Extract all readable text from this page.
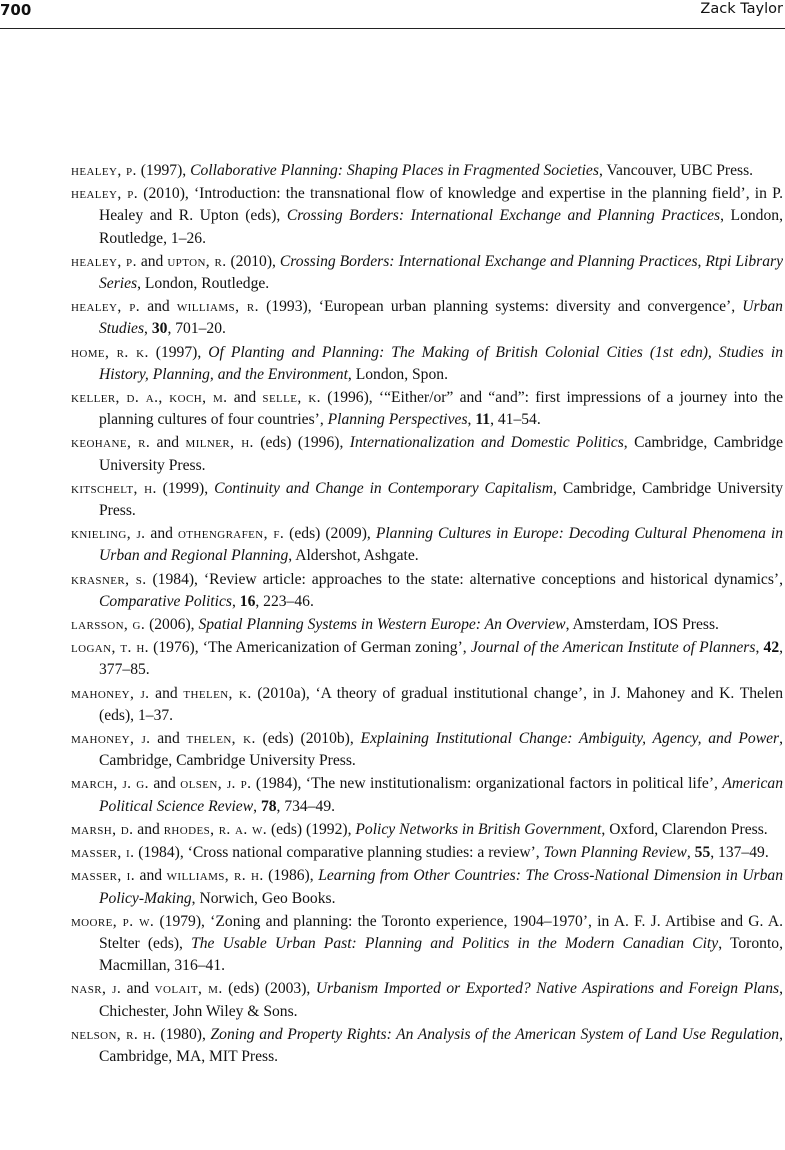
700	Zack Taylor
healey, p. (1997), Collaborative Planning: Shaping Places in Fragmented Societies, Vancouver, UBC Press.
healey, p. (2010), ‘Introduction: the transnational flow of knowledge and expertise in the planning field’, in P. Healey and R. Upton (eds), Crossing Borders: International Exchange and Planning Practices, London, Routledge, 1–26.
healey, p. and upton, r. (2010), Crossing Borders: International Exchange and Planning Practices, Rtpi Library Series, London, Routledge.
healey, p. and williams, r. (1993), ‘European urban planning systems: diversity and convergence’, Urban Studies, 30, 701–20.
home, r. k. (1997), Of Planting and Planning: The Making of British Colonial Cities (1st edn), Studies in History, Planning, and the Environment, London, Spon.
keller, d. a., koch, m. and selle, k. (1996), ‘“Either/or” and “and”: first impressions of a journey into the planning cultures of four countries’, Planning Perspectives, 11, 41–54.
keohane, r. and milner, h. (eds) (1996), Internationalization and Domestic Politics, Cambridge, Cambridge University Press.
kitschelt, h. (1999), Continuity and Change in Contemporary Capitalism, Cambridge, Cambridge University Press.
knieling, j. and othengrafen, f. (eds) (2009), Planning Cultures in Europe: Decoding Cultural Phenomena in Urban and Regional Planning, Aldershot, Ashgate.
krasner, s. (1984), ‘Review article: approaches to the state: alternative conceptions and historical dynamics’, Comparative Politics, 16, 223–46.
larsson, g. (2006), Spatial Planning Systems in Western Europe: An Overview, Amsterdam, IOS Press.
logan, t. h. (1976), ‘The Americanization of German zoning’, Journal of the American Institute of Planners, 42, 377–85.
mahoney, j. and thelen, k. (2010a), ‘A theory of gradual institutional change’, in J. Mahoney and K. Thelen (eds), 1–37.
mahoney, j. and thelen, k. (eds) (2010b), Explaining Institutional Change: Ambiguity, Agency, and Power, Cambridge, Cambridge University Press.
march, j. g. and olsen, j. p. (1984), ‘The new institutionalism: organizational factors in political life’, American Political Science Review, 78, 734–49.
marsh, d. and rhodes, r. a. w. (eds) (1992), Policy Networks in British Government, Oxford, Clarendon Press.
masser, i. (1984), ‘Cross national comparative planning studies: a review’, Town Planning Review, 55, 137–49.
masser, i. and williams, r. h. (1986), Learning from Other Countries: The Cross-National Dimension in Urban Policy-Making, Norwich, Geo Books.
moore, p. w. (1979), ‘Zoning and planning: the Toronto experience, 1904–1970’, in A. F. J. Artibise and G. A. Stelter (eds), The Usable Urban Past: Planning and Politics in the Modern Canadian City, Toronto, Macmillan, 316–41.
nasr, j. and volait, m. (eds) (2003), Urbanism Imported or Exported? Native Aspirations and Foreign Plans, Chichester, John Wiley & Sons.
nelson, r. h. (1980), Zoning and Property Rights: An Analysis of the American System of Land Use Regulation, Cambridge, MA, MIT Press.
